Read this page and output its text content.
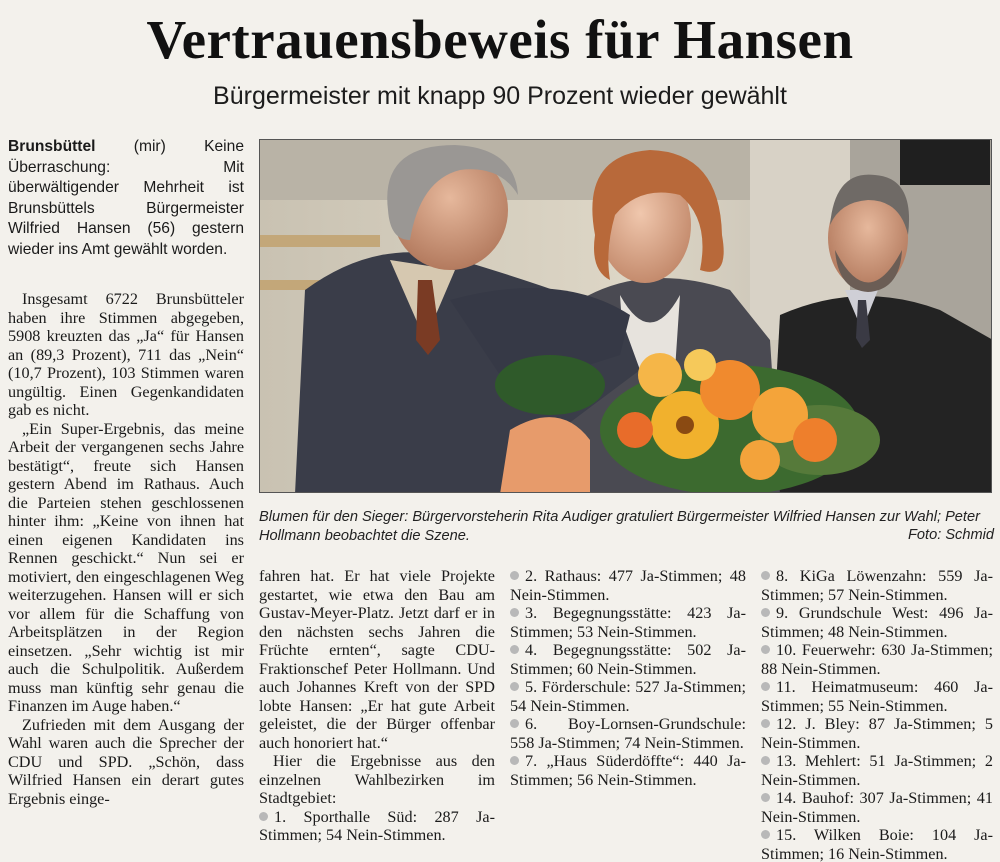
Vertrauensbeweis für Hansen
Bürgermeister mit knapp 90 Prozent wieder gewählt
Brunsbüttel (mir) Keine Überraschung: Mit überwältigender Mehrheit ist Brunsbüttels Bürgermeister Wilfried Hansen (56) gestern wieder ins Amt gewählt worden.

Insgesamt 6722 Brunsbütteler haben ihre Stimmen abgegeben, 5908 kreuzten das „Ja“ für Hansen an (89,3 Prozent), 711 das „Nein“ (10,7 Prozent), 103 Stimmen waren ungültig. Einen Gegenkandidaten gab es nicht.

„Ein Super-Ergebnis, das meine Arbeit der vergangenen sechs Jahre bestätigt“, freute sich Hansen gestern Abend im Rathaus. Auch die Parteien stehen geschlossenen hinter ihm: „Keine von ihnen hat einen eigenen Kandidaten ins Rennen geschickt.“ Nun sei er motiviert, den eingeschlagenen Weg weiterzugehen. Hansen will er sich vor allem für die Schaffung von Arbeitsplätzen in der Region einsetzen. „Sehr wichtig ist mir auch die Schulpolitik. Außerdem muss man künftig sehr genau die Finanzen im Auge haben.“

Zufrieden mit dem Ausgang der Wahl waren auch die Sprecher der CDU und SPD. „Schön, dass Wilfried Hansen ein derart gutes Ergebnis einge-

Blumen für den Sieger: Bürgervorsteherin Rita Audiger gratuliert Bürgermeister Wilfried Hansen zur Wahl; Peter Hollmann beobachtet die Szene.	Foto: Schmid

fahren hat. Er hat viele Projekte gestartet, wie etwa den Bau am Gustav-Meyer-Platz. Jetzt darf er in den nächsten sechs Jahren die Früchte ernten“, sagte CDU-Fraktionschef Peter Hollmann. Und auch Johannes Kreft von der SPD lobte Hansen: „Er hat gute Arbeit geleistet, die der Bürger offenbar auch honoriert hat.“

Hier die Ergebnisse aus den einzelnen Wahlbezirken im Stadtgebiet:

1. Sporthalle Süd: 287 Ja-Stimmen; 54 Nein-Stimmen.

2. Rathaus: 477 Ja-Stimmen; 48 Nein-Stimmen.

3. Begegnungsstätte: 423 Ja-Stimmen; 53 Nein-Stimmen.

4. Begegnungsstätte: 502 Ja-Stimmen; 60 Nein-Stimmen.

5. Förderschule: 527 Ja-Stimmen; 54 Nein-Stimmen.

6. Boy-Lornsen-Grundschule: 558 Ja-Stimmen; 74 Nein-Stimmen.

7. „Haus Süderdöffte“: 440 Ja-Stimmen; 56 Nein-Stimmen.

8. KiGa Löwenzahn: 559 Ja-Stimmen; 57 Nein-Stimmen.

9. Grundschule West: 496 Ja-Stimmen; 48 Nein-Stimmen.

10. Feuerwehr: 630 Ja-Stimmen; 88 Nein-Stimmen.

11. Heimatmuseum: 460 Ja-Stimmen; 55 Nein-Stimmen.

12. J. Bley: 87 Ja-Stimmen; 5 Nein-Stimmen.

13. Mehlert: 51 Ja-Stimmen; 2 Nein-Stimmen.

14. Bauhof: 307 Ja-Stimmen; 41 Nein-Stimmen.

15. Wilken Boie: 104 Ja-Stimmen; 16 Nein-Stimmen.
